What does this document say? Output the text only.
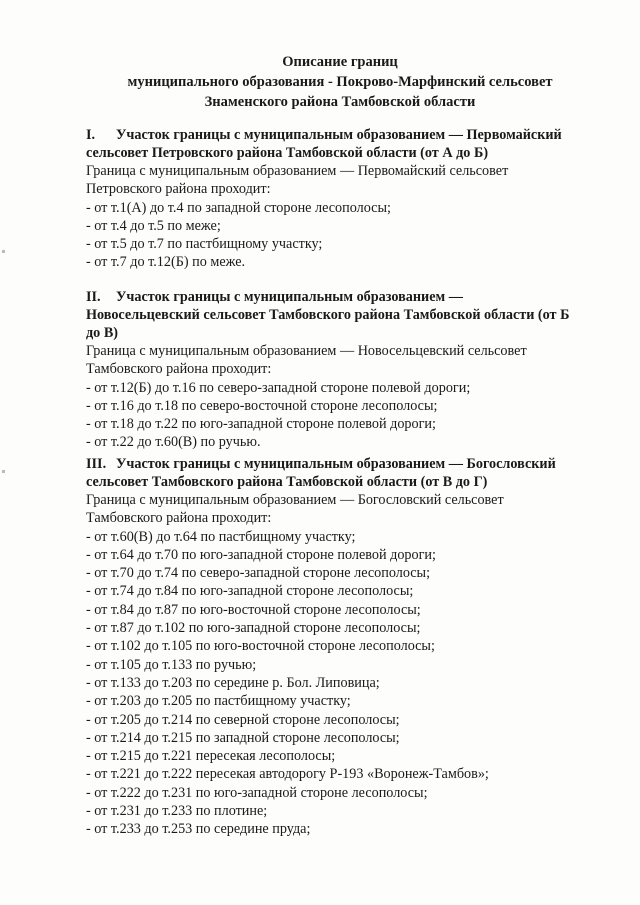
Описание границ
муниципального образования - Покрово-Марфинский сельсовет
Знаменского района Тамбовской области
I. Участок границы с муниципальным образованием — Первомайский
сельсовет Петровского района Тамбовской области (от А до Б)
Граница с муниципальным образованием — Первомайский сельсовет
Петровского района проходит:
- от т.1(А) до т.4 по западной стороне лесополосы;
- от т.4 до т.5 по меже;
- от т.5 до т.7 по пастбищному участку;
- от т.7 до т.12(Б) по меже.
II. Участок границы с муниципальным образованием —
Новосельцевский сельсовет Тамбовского района Тамбовской области (от Б
до В)
Граница с муниципальным образованием — Новосельцевский сельсовет
Тамбовского района проходит:
- от т.12(Б) до т.16 по северо-западной стороне полевой дороги;
- от т.16 до т.18 по северо-восточной стороне лесополосы;
- от т.18 до т.22 по юго-западной стороне полевой дороги;
- от т.22 до т.60(В) по ручью.
III. Участок границы с муниципальным образованием — Богословский
сельсовет Тамбовского района Тамбовской области (от В до Г)
Граница с муниципальным образованием — Богословский сельсовет
Тамбовского района проходит:
- от т.60(В) до т.64 по пастбищному участку;
- от т.64 до т.70 по юго-западной стороне полевой дороги;
- от т.70 до т.74 по северо-западной стороне лесополосы;
- от т.74 до т.84 по юго-западной стороне лесополосы;
- от т.84 до т.87 по юго-восточной стороне лесополосы;
- от т.87 до т.102 по юго-западной стороне лесополосы;
- от т.102 до т.105 по юго-восточной стороне лесополосы;
- от т.105 до т.133 по ручью;
- от т.133 до т.203 по середине р. Бол. Липовица;
- от т.203 до т.205 по пастбищному участку;
- от т.205 до т.214 по северной стороне лесополосы;
- от т.214 до т.215 по западной стороне лесополосы;
- от т.215 до т.221 пересекая лесополосы;
- от т.221 до т.222 пересекая автодорогу Р-193 «Воронеж-Тамбов»;
- от т.222 до т.231 по юго-западной стороне лесополосы;
- от т.231 до т.233 по плотине;
- от т.233 до т.253 по середине пруда;
